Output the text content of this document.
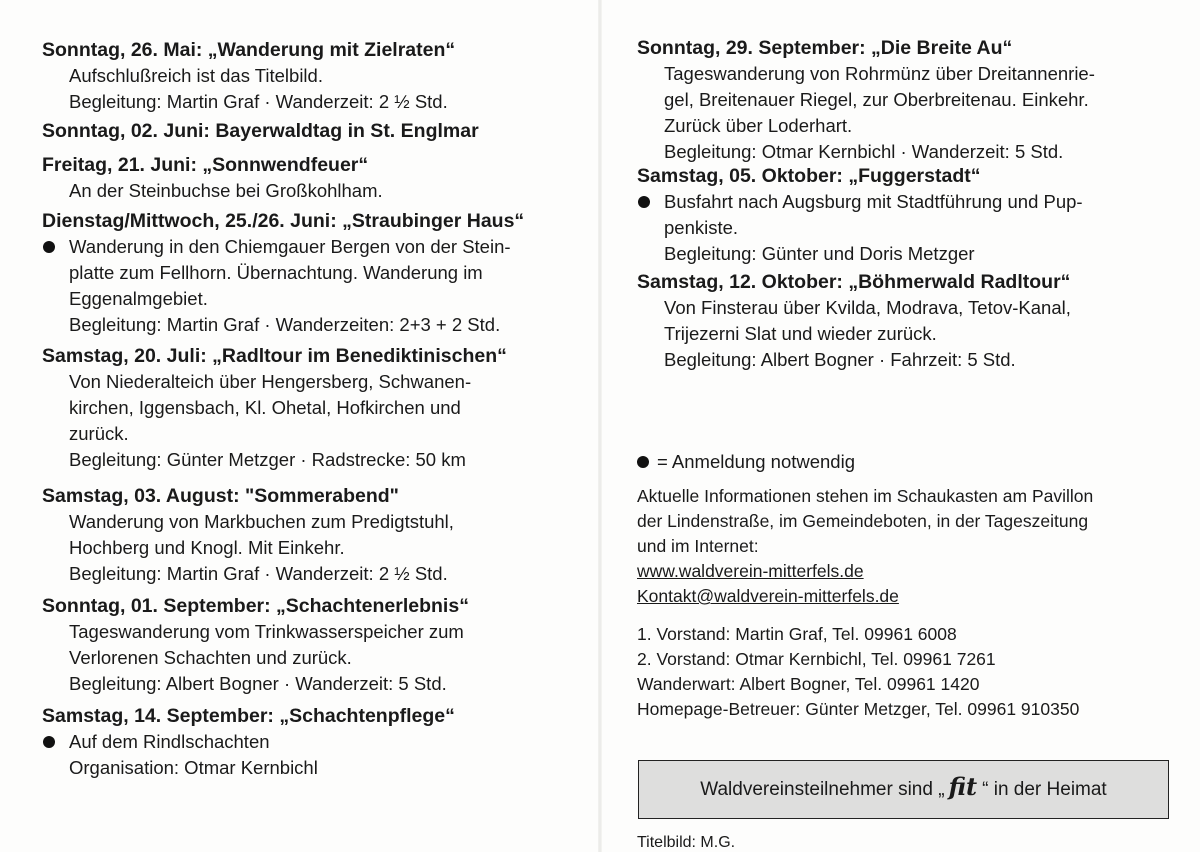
Sonntag, 26. Mai: „Wanderung mit Zielraten“
Aufschlußreich ist das Titelbild.
Begleitung: Martin Graf · Wanderzeit: 2 ½ Std.
Sonntag, 02. Juni: Bayerwaldtag in St. Englmar
Freitag, 21. Juni: „Sonnwendfeuer“
An der Steinbuchse bei Großkohlham.
Dienstag/Mittwoch, 25./26. Juni: „Straubinger Haus“
Wanderung in den Chiemgauer Bergen von der Stein-
platte zum Fellhorn. Übernachtung. Wanderung im
Eggenalmgebiet.
Begleitung: Martin Graf · Wanderzeiten: 2+3 + 2 Std.
Samstag, 20. Juli: „Radltour im Benediktinischen“
Von Niederalteich über Hengersberg, Schwanen-
kirchen, Iggensbach, Kl. Ohetal, Hofkirchen und
zurück.
Begleitung: Günter Metzger · Radstrecke: 50 km
Samstag, 03. August: "Sommerabend"
Wanderung von Markbuchen zum Predigtstuhl,
Hochberg und Knogl. Mit Einkehr.
Begleitung: Martin Graf · Wanderzeit: 2 ½ Std.
Sonntag, 01. September: „Schachtenerlebnis“
Tageswanderung vom Trinkwasserspeicher zum
Verlorenen Schachten und zurück.
Begleitung: Albert Bogner · Wanderzeit: 5 Std.
Samstag, 14. September: „Schachtenpflege“
Auf dem Rindlschachten
Organisation: Otmar Kernbichl
Sonntag, 29. September: „Die Breite Au“
Tageswanderung von Rohrmünz über Dreitannenrie-
gel, Breitenauer Riegel, zur Oberbreitenau. Einkehr.
Zurück über Loderhart.
Begleitung: Otmar Kernbichl · Wanderzeit: 5 Std.
Samstag, 05. Oktober: „Fuggerstadt“
Busfahrt nach Augsburg mit Stadtführung und Pup-
penkiste.
Begleitung: Günter und Doris Metzger
Samstag, 12. Oktober: „Böhmerwald Radltour“
Von Finsterau über Kvilda, Modrava, Tetov-Kanal,
Trijezerni Slat und wieder zurück.
Begleitung: Albert Bogner · Fahrzeit: 5 Std.
= Anmeldung notwendig
Aktuelle Informationen stehen im Schaukasten am Pavillon
der Lindenstraße, im Gemeindeboten, in der Tageszeitung
und im Internet:
www.waldverein-mitterfels.de
Kontakt@waldverein-mitterfels.de
1. Vorstand: Martin Graf, Tel. 09961 6008
2. Vorstand: Otmar Kernbichl, Tel. 09961 7261
Wanderwart: Albert Bogner, Tel. 09961 1420
Homepage-Betreuer: Günter Metzger, Tel. 09961 910350
Waldvereinsteilnehmer sind
„ fit “
in der Heimat
Titelbild: M.G.
